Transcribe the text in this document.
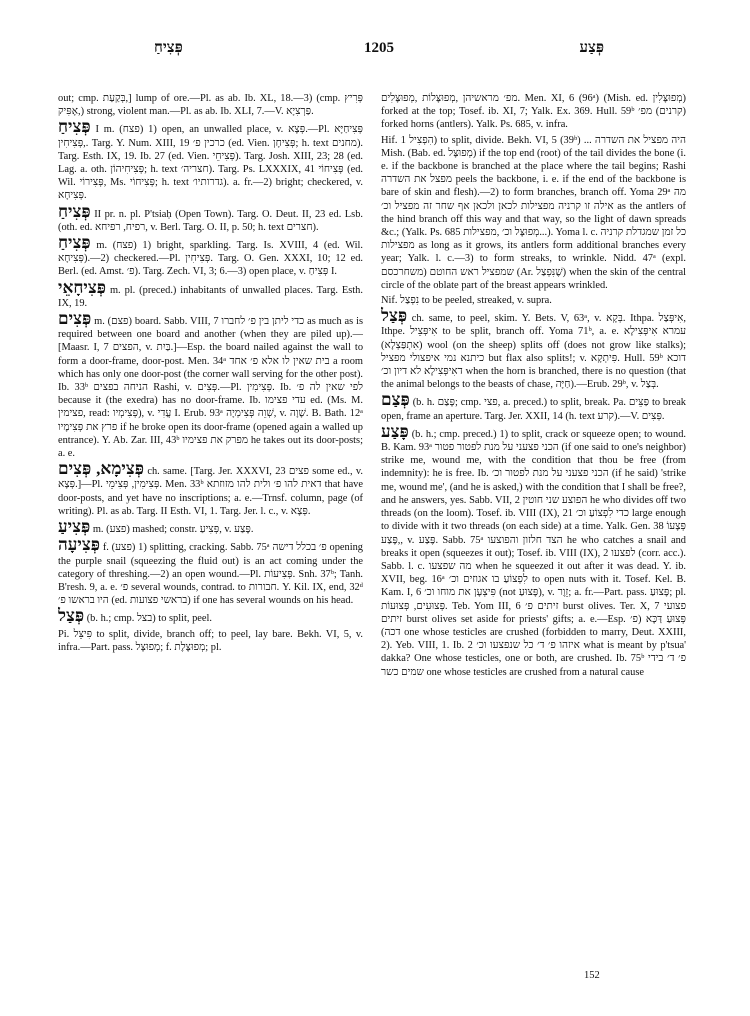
פְּצִיחַ	1205	פְּצַע

out; cmp. בְּקַעַת,] lump of ore.—Pl. as ab. Ib. XL, 18.—3) (cmp. פְּרִיץ ,אָפִּיק) strong, violent man.—Pl. as ab. Ib. XLI, 7.—V. פַּרְצִיָא.

פְּצִיחַ I m. (פצח) 1) open, an unwalled place, v. פְּצָא.—Pl. פְּצִיחַיָּא ,פְּצִיחִין. Targ. Y. Num. XIII, 19 כרכין פ׳ (ed. Vien. פְּצִיחָן; h. text מחנים). Targ. Esth. IX, 19. Ib. 27 (ed. Vien. פְּצִיחֵי). Targ. Josh. XIII, 23; 28 (ed. Lag. a. oth. פְּצִיחִיהוֹן; h. text חצריה׳). Targ. Ps. LXXXIX, 41 פְּצִיחוֹי (ed. Wil. פְּצִירוֹי, Ms. פְּצִיחוֹי; h. text גדרותיו׳). a. fr.—2) bright; checkered, v. פְּצִיחָא.

פְּצִיחַ II pr. n. pl. P'tsiaḥ (Open Town). Targ. O. Deut. II, 23 ed. Lsb. (oth. ed. רפיח, רפיחא, v. Berl. Targ. O. II, p. 50; h. text חצרים).

פְּצִיחַ m. (פצח) 1) bright, sparkling. Targ. Is. XVIII, 4 (ed. Wil. פְּצִיחָא).—2) checkered.—Pl. פְּצִיחִין. Targ. O. Gen. XXXI, 10; 12 ed. Berl. (ed. Amst. פ׳). Targ. Zech. VI, 3; 6.—3) open place, v. פְּצִיחַ I.

פְּצִיחָאֵי m. pl. (preced.) inhabitants of unwalled places. Targ. Esth. IX, 19.

פְּצִים m. (פצם) board. Sabb. VIII, 7 כדי ליתן בין פ׳ לחברו as much as is required between one board and another (when they are piled up).—[Maasr. I, 7 הפצים, v. בַּיִת.]—Esp. the board nailed against the wall to form a door-frame, door-post. Men. 34ᵃ בית שאין לו אלא פ׳ אחד a room which has only one door-post (the corner wall serving for the other post). Ib. 33ᵇ הניחה בפצים Rashi, v. פְּצִים.—Pl. פְּצִימִין. Ib. לפי שאין לה פ׳ because it (the exedra) has no door-frame. Ib. עדי פצימו ed. (Ms. M. פצימין, read: פְּצִימְיו), v. עֲדִי I. Erub. 93ᵃ שְׁוֵה פְּצִימְיָה, v. שָׁוָה. B. Bath. 12ᵃ פרץ את פְּצִימָיו if he broke open its door-frame (opened again a walled up entrance). Y. Ab. Zar. III, 43ᵇ מפרק את פצימיו he takes out its door-posts; a. e.

פְּצִימָא, פְּצִים ch. same. [Targ. Jer. XXXVI, 23 פצים some ed., v. פְּצָא.]—Pl. פְּצִימִין, פְּצִימֵי. Men. 33ᵇ דאית להו פ׳ ולית להו מזוזתא that have door-posts, and yet have no inscriptions; a. e.—Trnsf. column, page (of writing). Pl. as ab. Targ. II Esth. VI, 1. Targ. Jer. l. c., v. פְּצָא.

פְּצִיעַ m. (פצע) mashed; constr. פְּצִיעַ, v. פֶּצַע.

פְּצִיעָה f. (פצע) 1) splitting, cracking. Sabb. 75ᵃ פ׳ בכלל דישה opening the purple snail (squeezing the fluid out) is an act coming under the category of threshing.—2) an open wound.—Pl. פְּצִיעוֹת. Snh. 37ᵇ; Tanh. B'resh. 9, a. e. פ׳ several wounds, contrad. to חבורות. Y. Kil. IX, end, 32ᵈ היו בראשו פ׳ (ed. בראשי פצועות) if one has several wounds on his head.

פְּצַל (b. h.; cmp. בצל) to split, peel.

Pi. פִּיצֵּל to split, divide, branch off; to peel, lay bare. Bekh. VI, 5, v. infra.—Part. pass. מְפוּצָּל; f. מְפוּצֶּלֶת; pl.

מפ׳ מראשיהן ,מְפוּצָּלוֹת ,מְפוּצָּלִים. Men. XI, 6 (96ᵃ) (Mish. ed. מְפוּצָּלִין) forked at the top; Tosef. ib. XI, 7; Yalk. Ex. 369. Hull. 59ᵇ קרנים) מפ׳) forked horns (antlers). Yalk. Ps. 685, v. infra.

Hif. הִפְצִיל 1) to split, divide. Bekh. VI, 5 (39ᵇ) ... היה מפציל את השדרה Mish. (Bab. ed. מְפוּצָּל) if the top end (root) of the tail divides the bone (i. e. if the backbone is branched at the place where the tail begins; Rashi מפצל את השדרה peels the backbone, i. e. if the end of the backbone is bare of skin and flesh).—2) to form branches, branch off. Yoma 29ᵃ מה אילה זו קרניה מפצילות לכאן ולכאן אף שחר זה מפציל וכ׳ as the antlers of the hind branch off this way and that way, so the light of dawn spreads &c.; (Yalk. Ps. 685 מְפוּצָּל וכ׳ ,מפצילות...). Yoma l. c. כל זמן שמגדלת קרניה מפצילות as long as it grows, its antlers form additional branches every year; Yalk. l. c.—3) to form streaks, to wrinkle. Nidd. 47ᵃ (expl. משחרכסם) שמפציל ראש החוטם (Ar. שֶׁנִּפְצַל) when the skin of the central circle of the oblate part of the breast appears wrinkled.

Nif. נִפְצַל to be peeled, streaked, v. supra.

פְּצַל ch. same, to peel, skim. Y. Bets. V, 63ᵃ, v. בְּקָא. Ithpa. אִיפְּצַל, Ithpe. אִיפְּצֵיל to be split, branch off. Yoma 71ᵇ, a. e. עמרא אִיפְּצִילָא (אִתְפַּצְלָא) wool (on the sheep) splits off (does not grow like stalks); כיתנא נמי איפצולי מפציל but flax also splits!; v. פִּיתְקָא. Hull. 59ᵇ דוכא דאִיפְּצִילָא לא דיון וכ׳ when the horn is branched, there is no question (that the animal belongs to the beasts of chase, חַיָּה).—Erub. 29ᵇ, v. בְּצַל.

פְּצַם (b. h. פָּצַם; cmp. פצי, a. preced.) to split, break. Pa. פַּצֵּים to break open, frame an aperture. Targ. Jer. XXII, 14 (h. text קרע).—V. פְּצִים.

פָּצַע (b. h.; cmp. preced.) 1) to split, crack or squeeze open; to wound. B. Kam. 93ᵃ הכני פצעני על מנת לפטור פטור (if one said to one's neighbor) strike me, wound me, with the condition that thou be free (from indemnity): he is free. Ib. הכני פצעני על מנת לפטור וכ׳ (if he said) 'strike me, wound me', (and he is asked,) with the condition that I shall be free?, and he answers, yes. Sabb. VII, 2 הפוצע שני חוטין he who divides off two threads (on the loom). Tosef. ib. VIII (IX), 21 כדי לִפְצוֹעַ וכ׳ large enough to divide with it two threads (on each side) at a time. Yalk. Gen. 38 פְּצָעוֹ ,פֶּצַע, v. פֶּצַע. Sabb. 75ᵃ הצד חלזון והפוצעו he who catches a snail and breaks it open (squeezes it out); Tosef. ib. VIII (IX), 2 לפצעו (corr. acc.). Sabb. l. c. מה שפצעו when he squeezed it out after it was dead. Y. ib. XVII, beg. 16ᵃ לִפְצוֹעַ בו אגוזים וכ׳ to open nuts with it. Tosef. Kel. B. Kam. I, 6 פִּיצְעָן את מוחו וכ׳ (not פָּצוּעַ), v. זֵוֶר; a. fr.—Part. pass. פָּצוּעַ; pl. פְּצוּעִים, פְּצוּעוֹת. Teb. Yom III, 6 זיתים פ׳ burst olives. Ter. X, 7 פצועי זיתים burst olives set aside for priests' gifts; a. e.—Esp. פְּצוּעַ דַּכָּא (פ׳ דכה) one whose testicles are crushed (forbidden to marry, Deut. XXIII, 2). Yeb. VIII, 1. Ib. 2 איזהו פ׳ ד׳ כל שנפצעו וכ׳ what is meant by p'tsua' dakka? One whose testicles, one or both, are crushed. Ib. 75ᵇ פ׳ ד׳ בידי שמים כשר one whose testicles are crushed from a natural cause

152
